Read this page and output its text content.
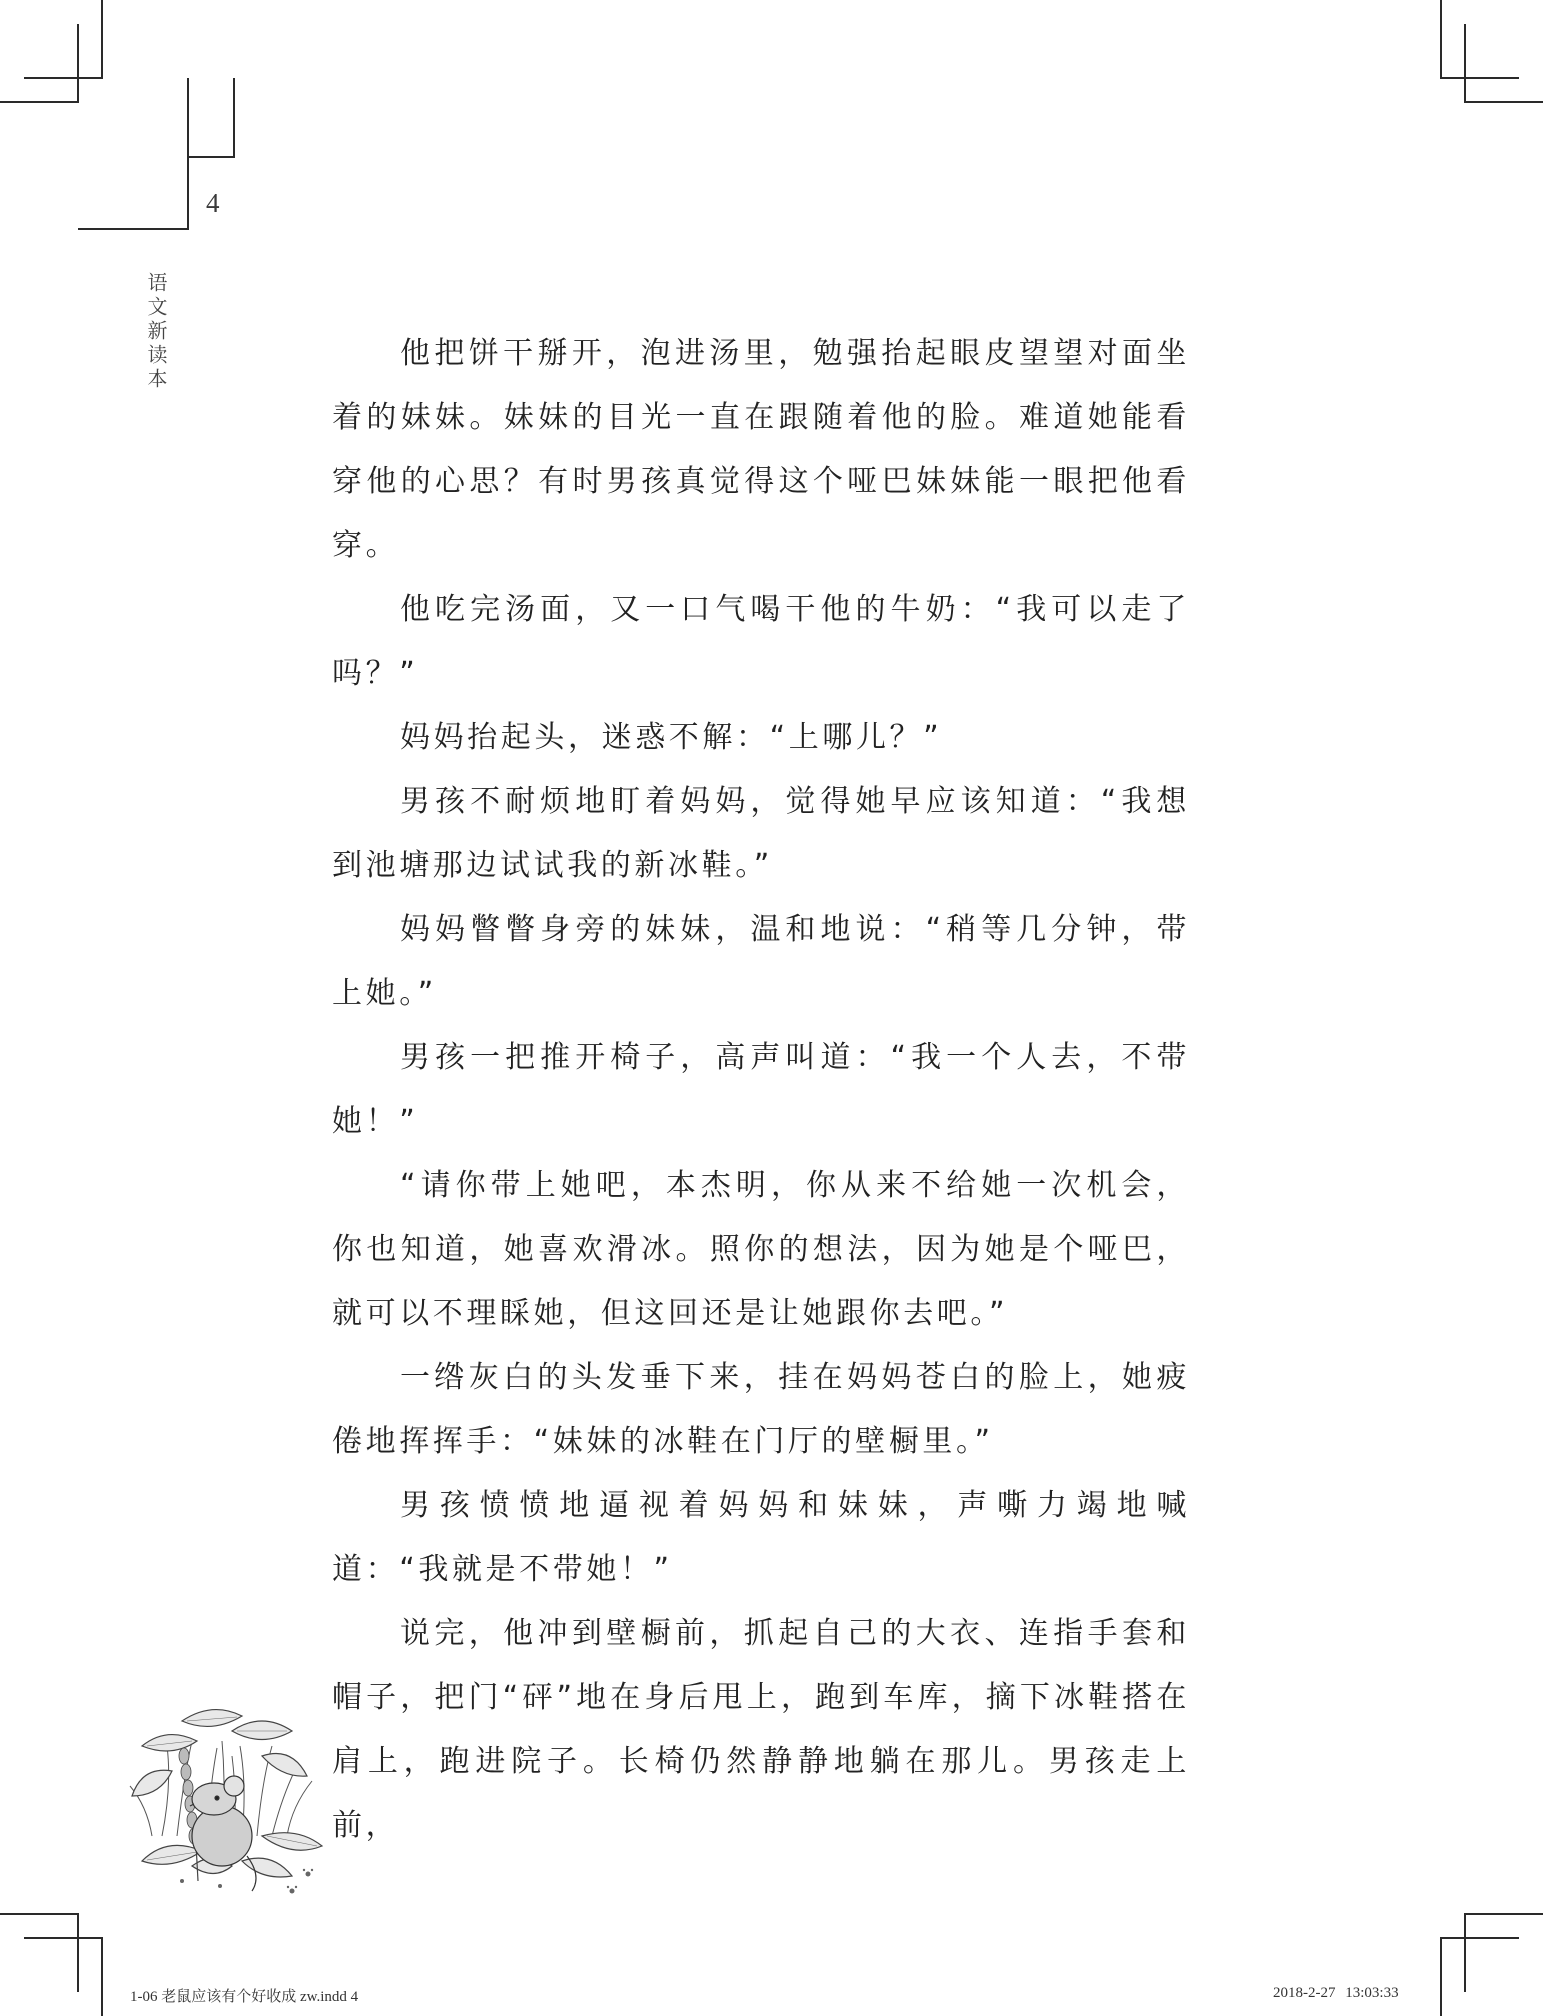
4
语文新读本	他把饼干掰开，泡进汤里，勉强抬起眼皮望望对面坐着的妹妹。妹妹的目光一直在跟随着他的脸。难道她能看穿他的心思？有时男孩真觉得这个哑巴妹妹能一眼把他看穿。

他吃完汤面，又一口气喝干他的牛奶：“我可以走了吗？”

妈妈抬起头，迷惑不解：“上哪儿？”

男孩不耐烦地盯着妈妈，觉得她早应该知道：“我想到池塘那边试试我的新冰鞋。”

妈妈瞥瞥身旁的妹妹，温和地说：“稍等几分钟，带上她。”

男孩一把推开椅子，高声叫道：“我一个人去，不带她！”

“请你带上她吧，本杰明，你从来不给她一次机会，你也知道，她喜欢滑冰。照你的想法，因为她是个哑巴，就可以不理睬她，但这回还是让她跟你去吧。”

一绺灰白的头发垂下来，挂在妈妈苍白的脸上，她疲倦地挥挥手：“妹妹的冰鞋在门厅的壁橱里。”

男孩愤愤地逼视着妈妈和妹妹，声嘶力竭地喊道：“我就是不带她！”

说完，他冲到壁橱前，抓起自己的大衣、连指手套和帽子，把门“砰”地在身后甩上，跑到车库，摘下冰鞋搭在肩上，跑进院子。长椅仍然静静地躺在那儿。男孩走上前，

1-06 老鼠应该有个好收成 zw.indd 4	2018-2-27 13:03:33
